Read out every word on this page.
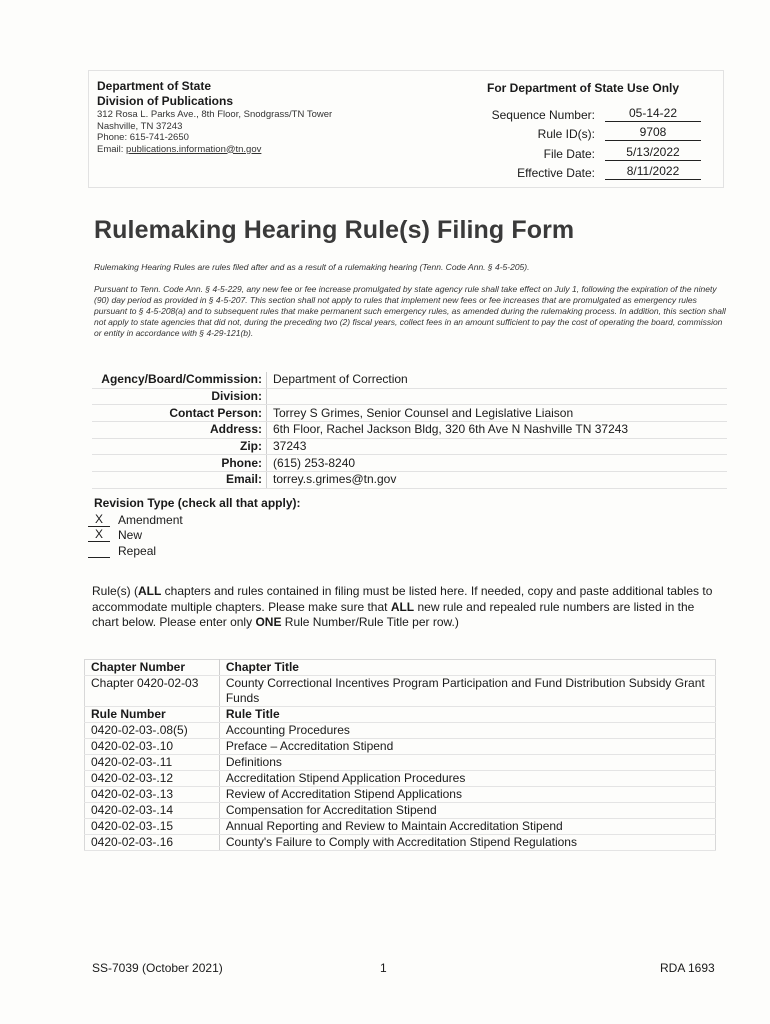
Department of State
Division of Publications
312 Rosa L. Parks Ave., 8th Floor, Snodgrass/TN Tower
Nashville, TN 37243
Phone: 615-741-2650
Email: publications.information@tn.gov
For Department of State Use Only
Sequence Number:	05-14-22
Rule ID(s):	9708
File Date:	5/13/2022
Effective Date:	8/11/2022
Rulemaking Hearing Rule(s) Filing Form
Rulemaking Hearing Rules are rules filed after and as a result of a rulemaking hearing (Tenn. Code Ann. § 4-5-205).
Pursuant to Tenn. Code Ann. § 4-5-229, any new fee or fee increase promulgated by state agency rule shall take effect on July 1, following the expiration of the ninety (90) day period as provided in § 4-5-207. This section shall not apply to rules that implement new fees or fee increases that are promulgated as emergency rules pursuant to § 4-5-208(a) and to subsequent rules that make permanent such emergency rules, as amended during the rulemaking process. In addition, this section shall not apply to state agencies that did not, during the preceding two (2) fiscal years, collect fees in an amount sufficient to pay the cost of operating the board, commission or entity in accordance with § 4-29-121(b).
Agency/Board/Commission:	Department of Correction
Division:	
Contact Person:	Torrey S Grimes, Senior Counsel and Legislative Liaison
Address:	6th Floor, Rachel Jackson Bldg, 320 6th Ave N Nashville TN 37243
Zip:	37243
Phone:	(615) 253-8240
Email:	torrey.s.grimes@tn.gov
Revision Type (check all that apply):
X	Amendment
X	New
Repeal
Rule(s) (ALL chapters and rules contained in filing must be listed here. If needed, copy and paste additional tables to accommodate multiple chapters. Please make sure that ALL new rule and repealed rule numbers are listed in the chart below. Please enter only ONE Rule Number/Rule Title per row.)
Chapter Number	Chapter Title
Chapter 0420-02-03	County Correctional Incentives Program Participation and Fund Distribution Subsidy Grant Funds
Rule Number	Rule Title
0420-02-03-.08(5)	Accounting Procedures
0420-02-03-.10	Preface – Accreditation Stipend
0420-02-03-.11	Definitions
0420-02-03-.12	Accreditation Stipend Application Procedures
0420-02-03-.13	Review of Accreditation Stipend Applications
0420-02-03-.14	Compensation for Accreditation Stipend
0420-02-03-.15	Annual Reporting and Review to Maintain Accreditation Stipend
0420-02-03-.16	County's Failure to Comply with Accreditation Stipend Regulations
SS-7039 (October 2021)	1	RDA 1693
